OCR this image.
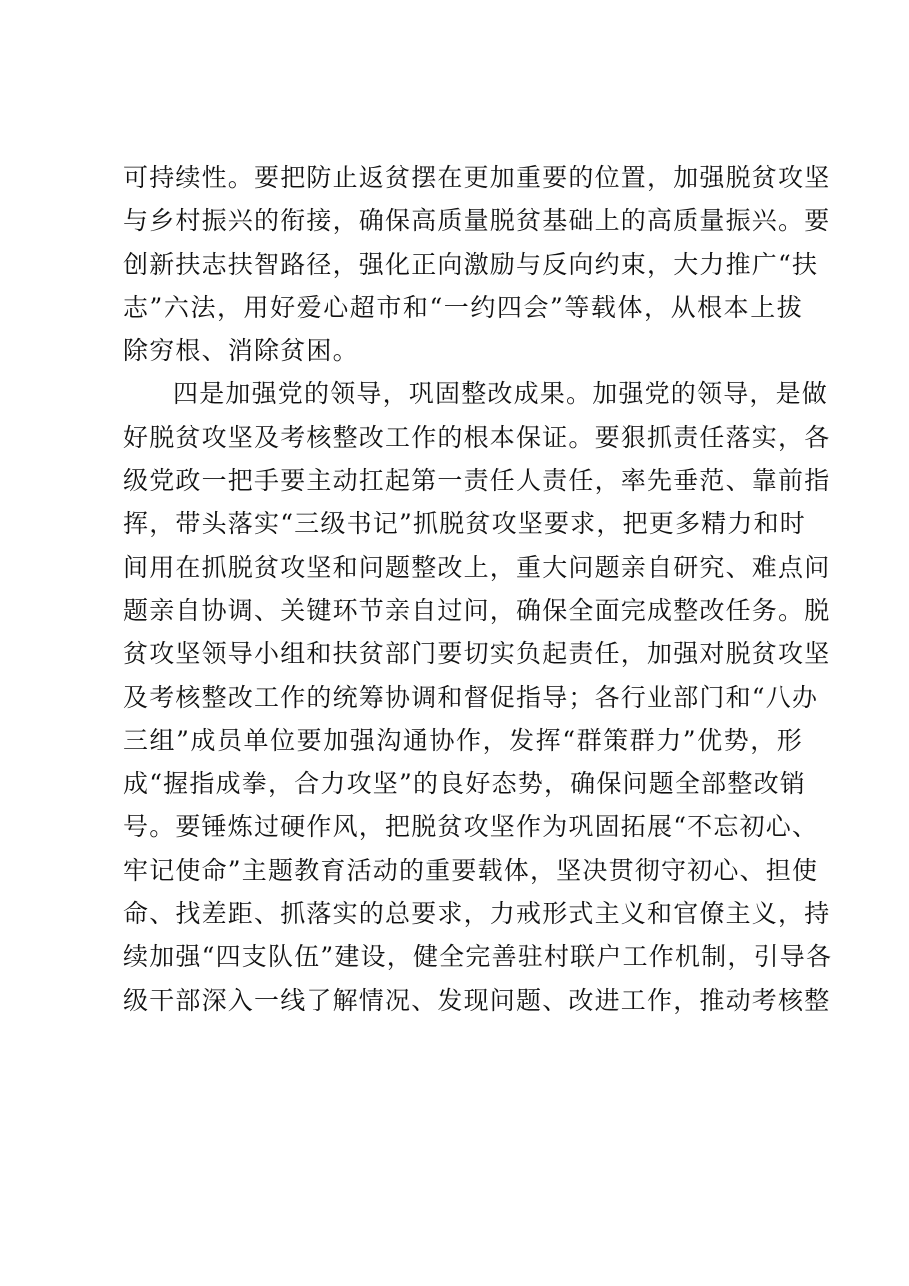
可持续性。要把防止返贫摆在更加重要的位置，加强脱贫攻坚
与乡村振兴的衔接，确保高质量脱贫基础上的高质量振兴。要
创新扶志扶智路径，强化正向激励与反向约束，大力推广“扶
志”六法，用好爱心超市和“一约四会”等载体，从根本上拔
除穷根、消除贫困。
四是加强党的领导，巩固整改成果。加强党的领导，是做
好脱贫攻坚及考核整改工作的根本保证。要狠抓责任落实，各
级党政一把手要主动扛起第一责任人责任，率先垂范、靠前指
挥，带头落实“三级书记”抓脱贫攻坚要求，把更多精力和时
间用在抓脱贫攻坚和问题整改上，重大问题亲自研究、难点问
题亲自协调、关键环节亲自过问，确保全面完成整改任务。脱
贫攻坚领导小组和扶贫部门要切实负起责任，加强对脱贫攻坚
及考核整改工作的统筹协调和督促指导；各行业部门和“八办
三组”成员单位要加强沟通协作，发挥“群策群力”优势，形
成“握指成拳，合力攻坚”的良好态势，确保问题全部整改销
号。要锤炼过硬作风，把脱贫攻坚作为巩固拓展“不忘初心、
牢记使命”主题教育活动的重要载体，坚决贯彻守初心、担使
命、找差距、抓落实的总要求，力戒形式主义和官僚主义，持
续加强“四支队伍”建设，健全完善驻村联户工作机制，引导各
级干部深入一线了解情况、发现问题、改进工作，推动考核整
